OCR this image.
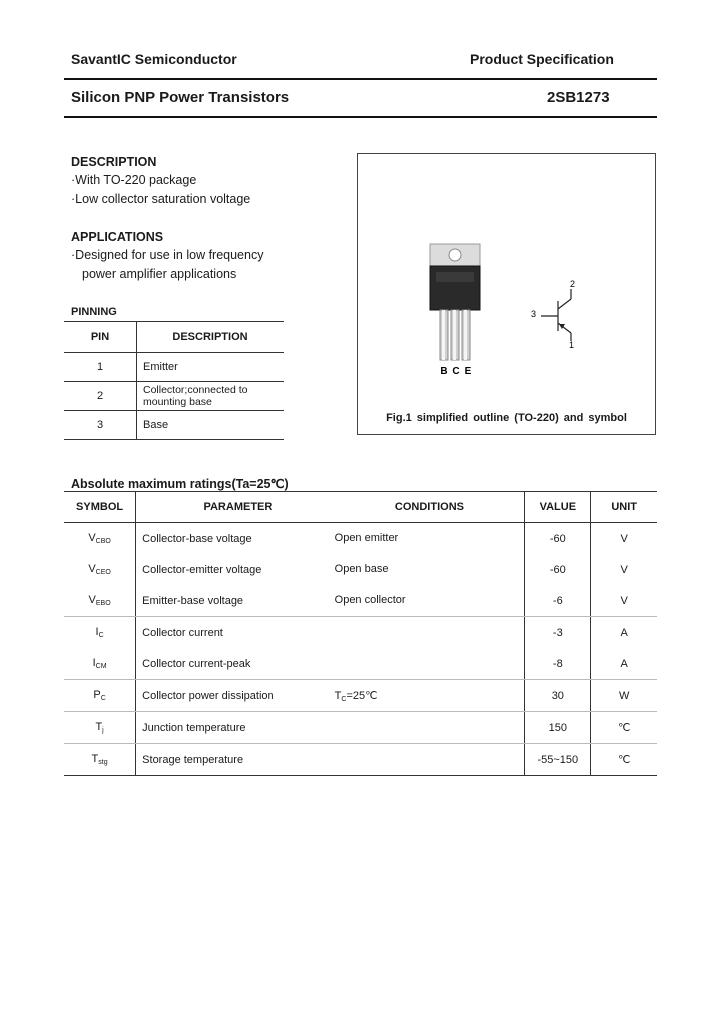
SavantIC Semiconductor	Product Specification
Silicon PNP Power Transistors	2SB1273
DESCRIPTION
·With TO-220 package
·Low collector saturation voltage
APPLICATIONS
·Designed for use in low frequency
power amplifier applications
PINNING
PIN	DESCRIPTION
1	Emitter
2	Collector;connected to
mounting base

3	Base
B C E
2
3
1
Fig.1 simplified outline (TO-220) and symbol
Absolute maximum ratings(Ta=25℃)
SYMBOL	PARAMETER	CONDITIONS	VALUE	UNIT
$V_{CBO}$	Collector-base voltage	Open emitter	-60	V
$V_{CEO}$	Collector-emitter voltage	Open base	-60	V
$V_{EBO}$	Emitter-base voltage	Open collector	-6	V
$I_C$	Collector current		-3	A
$I_{CM}$	Collector current-peak		-8	A
$P_C$	Collector power dissipation	$T_C=25℃$	30	W
$T_j$	Junction temperature		150	℃
$T_{stg}$	Storage temperature		-55~150	℃
